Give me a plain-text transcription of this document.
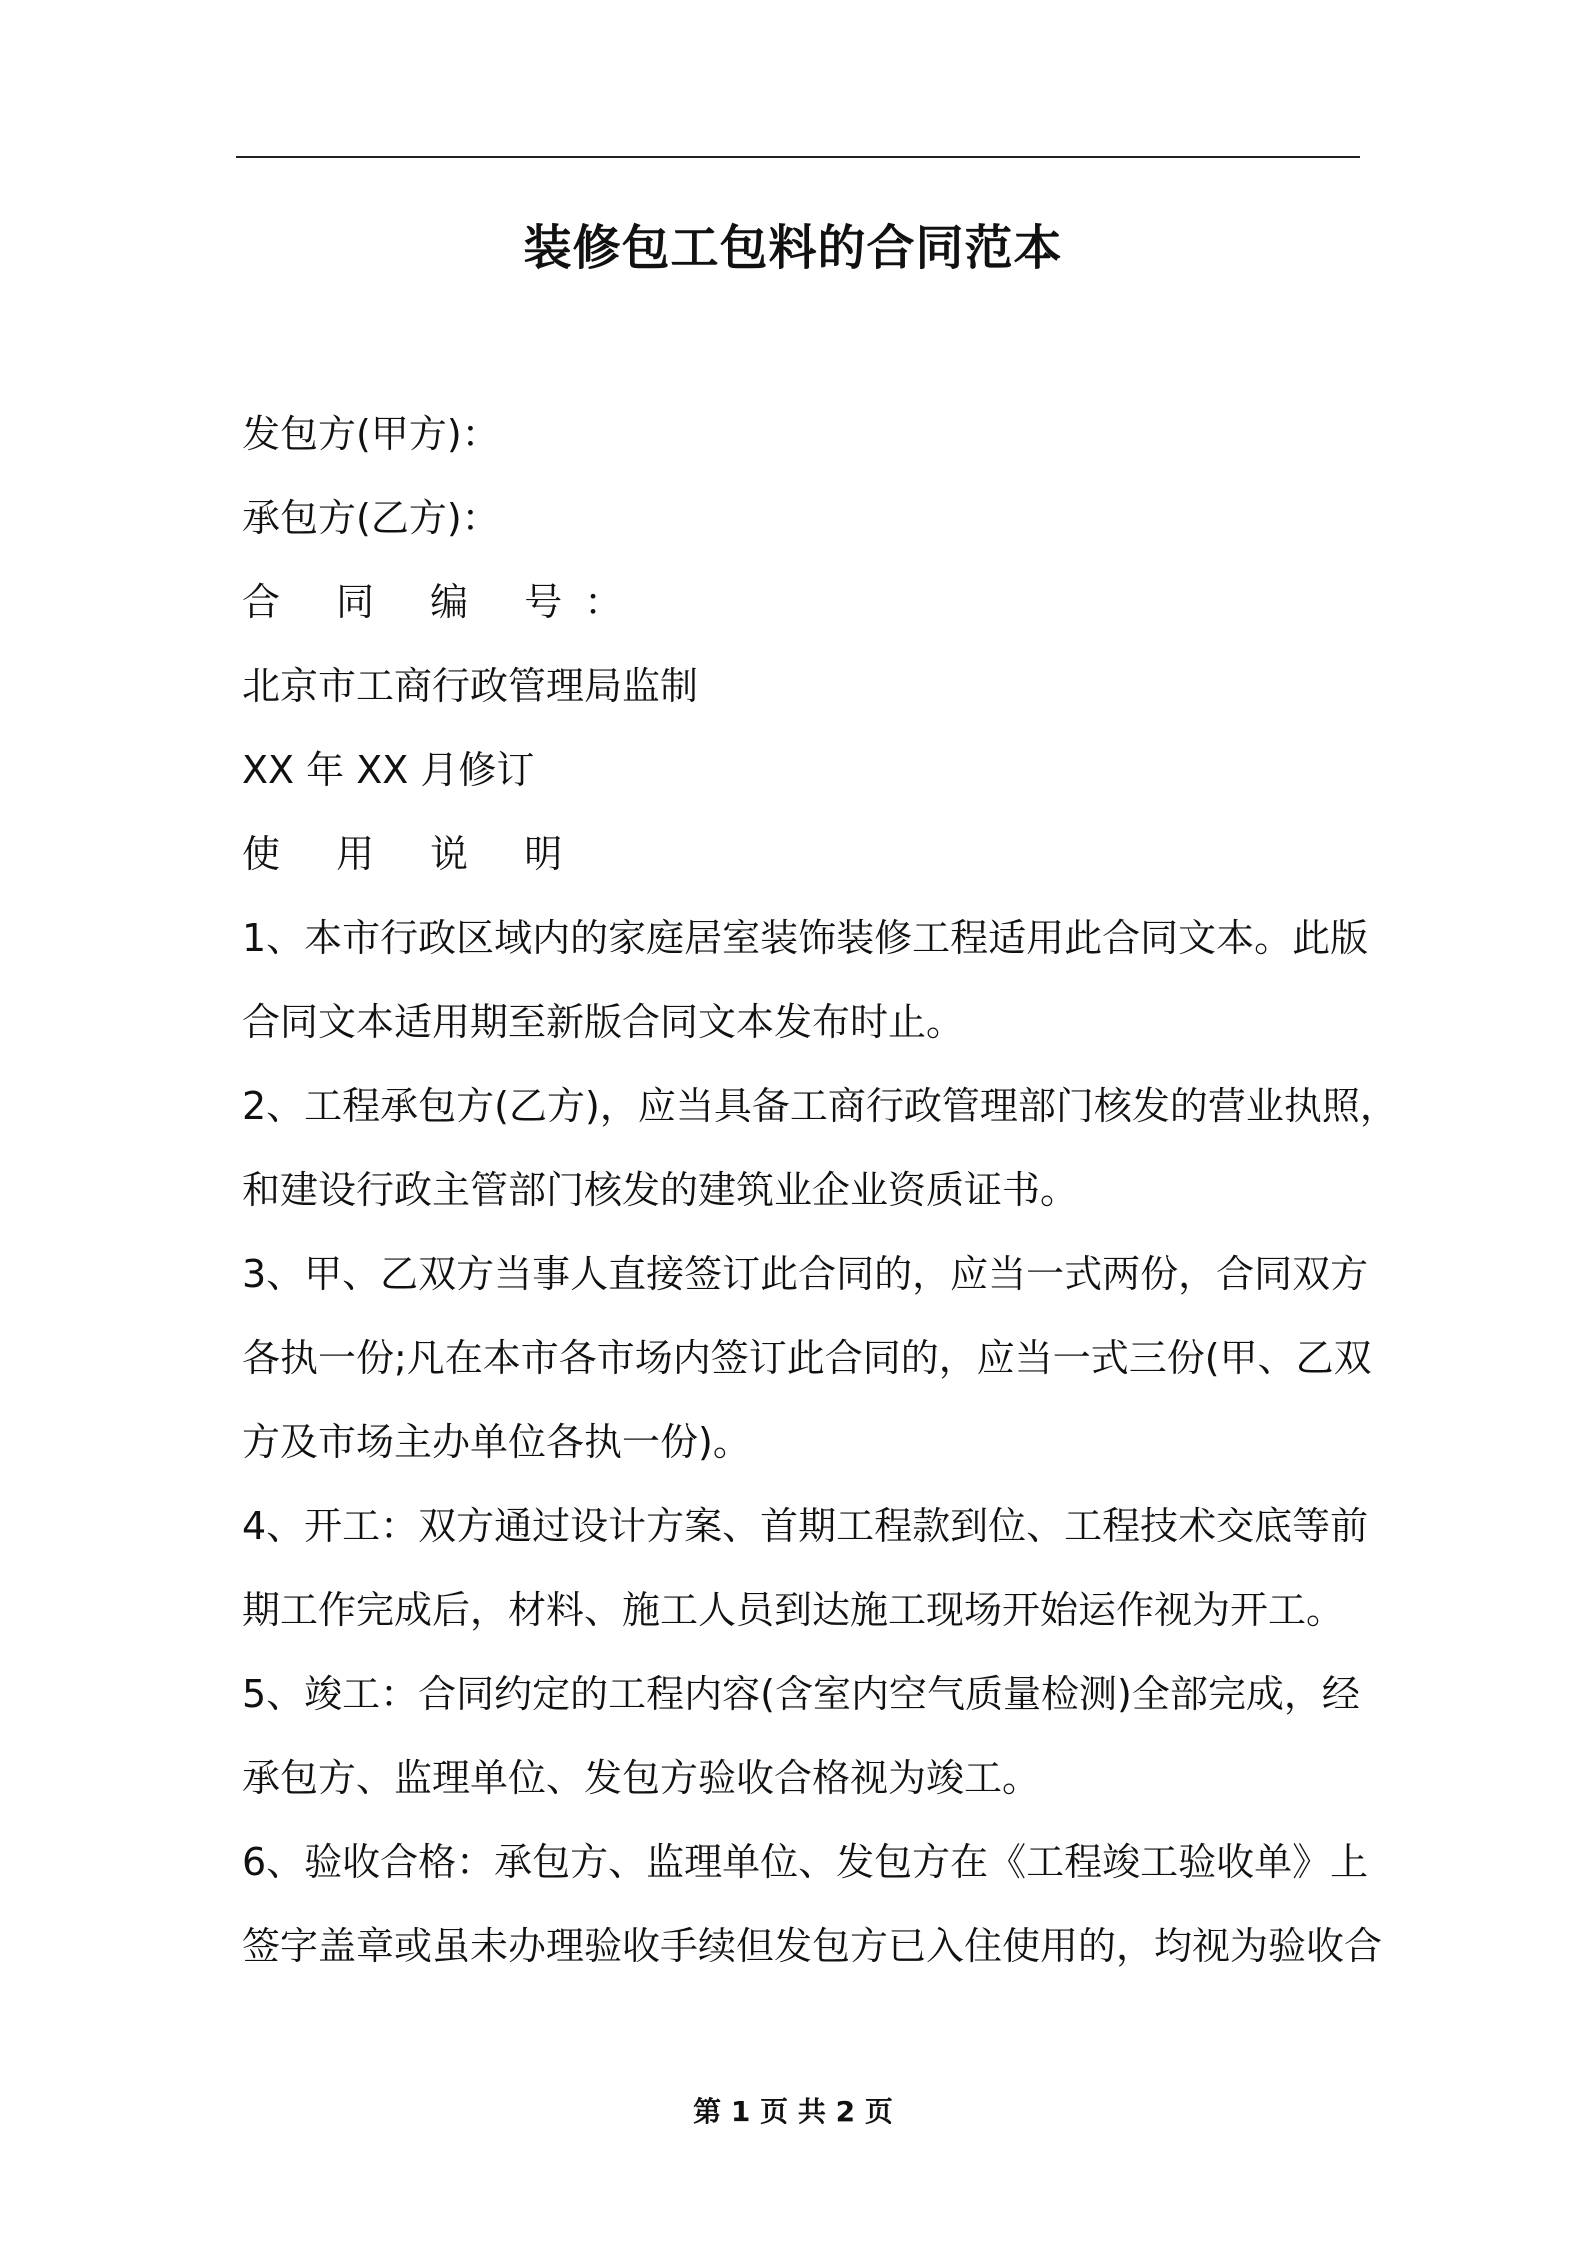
装修包工包料的合同范本
发包方(甲方)：
承包方(乙方)：
合 同 编 号：
北京市工商行政管理局监制
XX 年 XX 月修订
使 用 说 明
1、本市行政区域内的家庭居室装饰装修工程适用此合同文本。此版
合同文本适用期至新版合同文本发布时止。
2、工程承包方(乙方)，应当具备工商行政管理部门核发的营业执照，
和建设行政主管部门核发的建筑业企业资质证书。
3、甲、乙双方当事人直接签订此合同的，应当一式两份，合同双方
各执一份;凡在本市各市场内签订此合同的，应当一式三份(甲、乙双
方及市场主办单位各执一份)。
4、开工：双方通过设计方案、首期工程款到位、工程技术交底等前
期工作完成后，材料、施工人员到达施工现场开始运作视为开工。
5、竣工：合同约定的工程内容(含室内空气质量检测)全部完成，经
承包方、监理单位、发包方验收合格视为竣工。
6、验收合格：承包方、监理单位、发包方在《工程竣工验收单》上
签字盖章或虽未办理验收手续但发包方已入住使用的，均视为验收合
第 1 页 共 2 页
